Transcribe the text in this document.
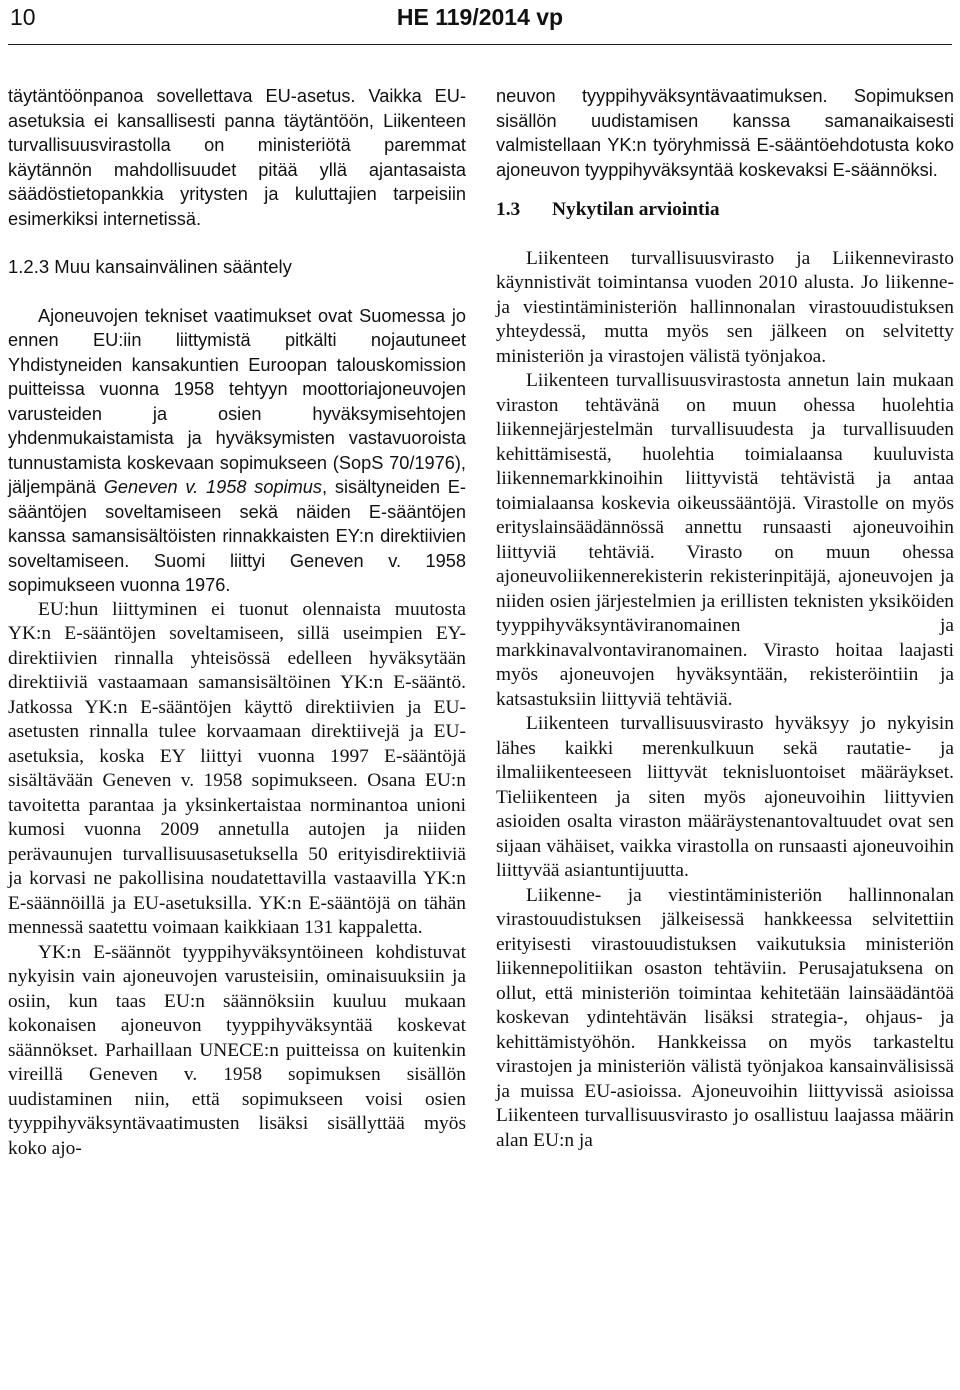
10	HE 119/2014 vp

täytäntöönpanoa sovellettava EU-asetus. Vaikka EU-asetuksia ei kansallisesti panna täytäntöön, Liikenteen turvallisuusvirastolla on ministeriötä paremmat käytännön mahdollisuudet pitää yllä ajantasaista säädöstietopankkia yritysten ja kuluttajien tarpeisiin esimerkiksi internetissä.

1.2.3 Muu kansainvälinen sääntely

Ajoneuvojen tekniset vaatimukset ovat Suomessa jo ennen EU:iin liittymistä pitkälti nojautuneet Yhdistyneiden kansakuntien Euroopan talouskomission puitteissa vuonna 1958 tehtyyn moottoriajoneuvojen varusteiden ja osien hyväksymisehtojen yhdenmukaistamista ja hyväksymisten vastavuoroista tunnustamista koskevaan sopimukseen (SopS 70/1976), jäljempänä Geneven v. 1958 sopimus, sisältyneiden E-sääntöjen soveltamiseen sekä näiden E-sääntöjen kanssa samansisältöisten rinnakkaisten EY:n direktiivien soveltamiseen. Suomi liittyi Geneven v. 1958 sopimukseen vuonna 1976.

EU:hun liittyminen ei tuonut olennaista muutosta YK:n E-sääntöjen soveltamiseen, sillä useimpien EY-direktiivien rinnalla yhteisössä edelleen hyväksytään direktiiviä vastaamaan samansisältöinen YK:n E-sääntö. Jatkossa YK:n E-sääntöjen käyttö direktiivien ja EU-asetusten rinnalla tulee korvaamaan direktiivejä ja EU-asetuksia, koska EY liittyi vuonna 1997 E-sääntöjä sisältävään Geneven v. 1958 sopimukseen. Osana EU:n tavoitetta parantaa ja yksinkertaistaa norminantoa unioni kumosi vuonna 2009 annetulla autojen ja niiden perävaunujen turvallisuusasetuksella 50 erityisdirektiiviä ja korvasi ne pakollisina noudatettavilla vastaavilla YK:n E-säännöillä ja EU-asetuksilla. YK:n E-sääntöjä on tähän mennessä saatettu voimaan kaikkiaan 131 kappaletta.

YK:n E-säännöt tyyppihyväksyntöineen kohdistuvat nykyisin vain ajoneuvojen varusteisiin, ominaisuuksiin ja osiin, kun taas EU:n säännöksiin kuuluu mukaan kokonaisen ajoneuvon tyyppihyväksyntää koskevat säännökset. Parhaillaan UNECE:n puitteissa on kuitenkin vireillä Geneven v. 1958 sopimuksen sisällön uudistaminen niin, että sopimukseen voisi osien tyyppihyväksyntävaatimusten lisäksi sisällyttää myös koko ajo-

neuvon tyyppihyväksyntävaatimuksen. Sopimuksen sisällön uudistamisen kanssa samanaikaisesti valmistellaan YK:n työryhmissä E-sääntöehdotusta koko ajoneuvon tyyppihyväksyntää koskevaksi E-säännöksi.

1.3 Nykytilan arviointia

Liikenteen turvallisuusvirasto ja Liikennevirasto käynnistivät toimintansa vuoden 2010 alusta. Jo liikenne- ja viestintäministeriön hallinnonalan virastouudistuksen yhteydessä, mutta myös sen jälkeen on selvitetty ministeriön ja virastojen välistä työnjakoa.

Liikenteen turvallisuusvirastosta annetun lain mukaan viraston tehtävänä on muun ohessa huolehtia liikennejärjestelmän turvallisuudesta ja turvallisuuden kehittämisestä, huolehtia toimialaansa kuuluvista liikennemarkkinoihin liittyvistä tehtävistä ja antaa toimialaansa koskevia oikeussääntöjä. Virastolle on myös erityslainsäädännössä annettu runsaasti ajoneuvoihin liittyviä tehtäviä. Virasto on muun ohessa ajoneuvoliikennerekisterin rekisterinpitäjä, ajoneuvojen ja niiden osien järjestelmien ja erillisten teknisten yksiköiden tyyppihyväksyntäviranomainen ja markkinavalvontaviranomainen. Virasto hoitaa laajasti myös ajoneuvojen hyväksyntään, rekisteröintiin ja katsastuksiin liittyviä tehtäviä.

Liikenteen turvallisuusvirasto hyväksyy jo nykyisin lähes kaikki merenkulkuun sekä rautatie- ja ilmaliikenteeseen liittyvät teknisluontoiset määräykset. Tieliikenteen ja siten myös ajoneuvoihin liittyvien asioiden osalta viraston määräystenantovaltuudet ovat sen sijaan vähäiset, vaikka virastolla on runsaasti ajoneuvoihin liittyvää asiantuntijuutta.

Liikenne- ja viestintäministeriön hallinnonalan virastouudistuksen jälkeisessä hankkeessa selvitettiin erityisesti virastouudistuksen vaikutuksia ministeriön liikennepolitiikan osaston tehtäviin. Perusajatuksena on ollut, että ministeriön toimintaa kehitetään lainsäädäntöä koskevan ydintehtävän lisäksi strategia-, ohjaus- ja kehittämistyöhön. Hankkeissa on myös tarkasteltu virastojen ja ministeriön välistä työnjakoa kansainvälisissä ja muissa EU-asioissa. Ajoneuvoihin liittyvissä asioissa Liikenteen turvallisuusvirasto jo osallistuu laajassa määrin alan EU:n ja
